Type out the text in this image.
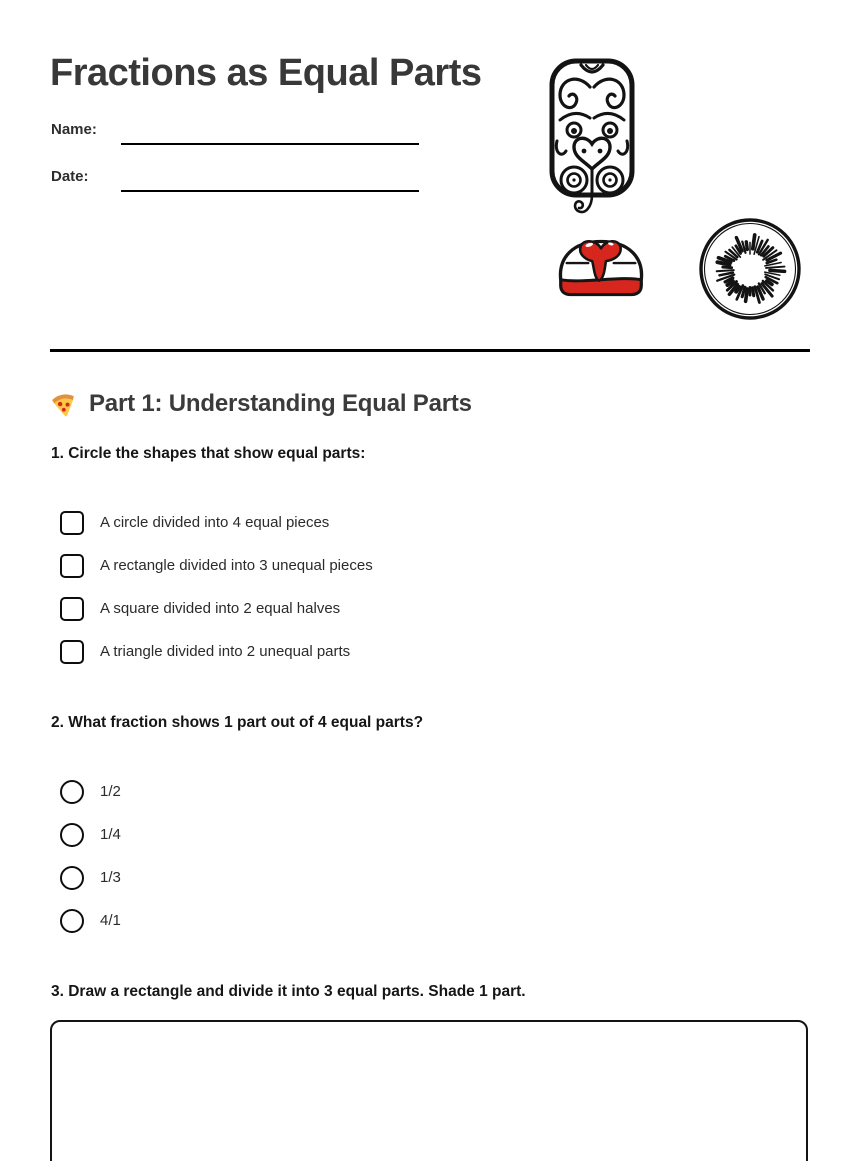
Fractions as Equal Parts
Name:
Date:
Part 1: Understanding Equal Parts
1. Circle the shapes that show equal parts:
A circle divided into 4 equal pieces
A rectangle divided into 3 unequal pieces
A square divided into 2 equal halves
A triangle divided into 2 unequal parts
2. What fraction shows 1 part out of 4 equal parts?
1/2
1/4
1/3
4/1
3. Draw a rectangle and divide it into 3 equal parts. Shade 1 part.
